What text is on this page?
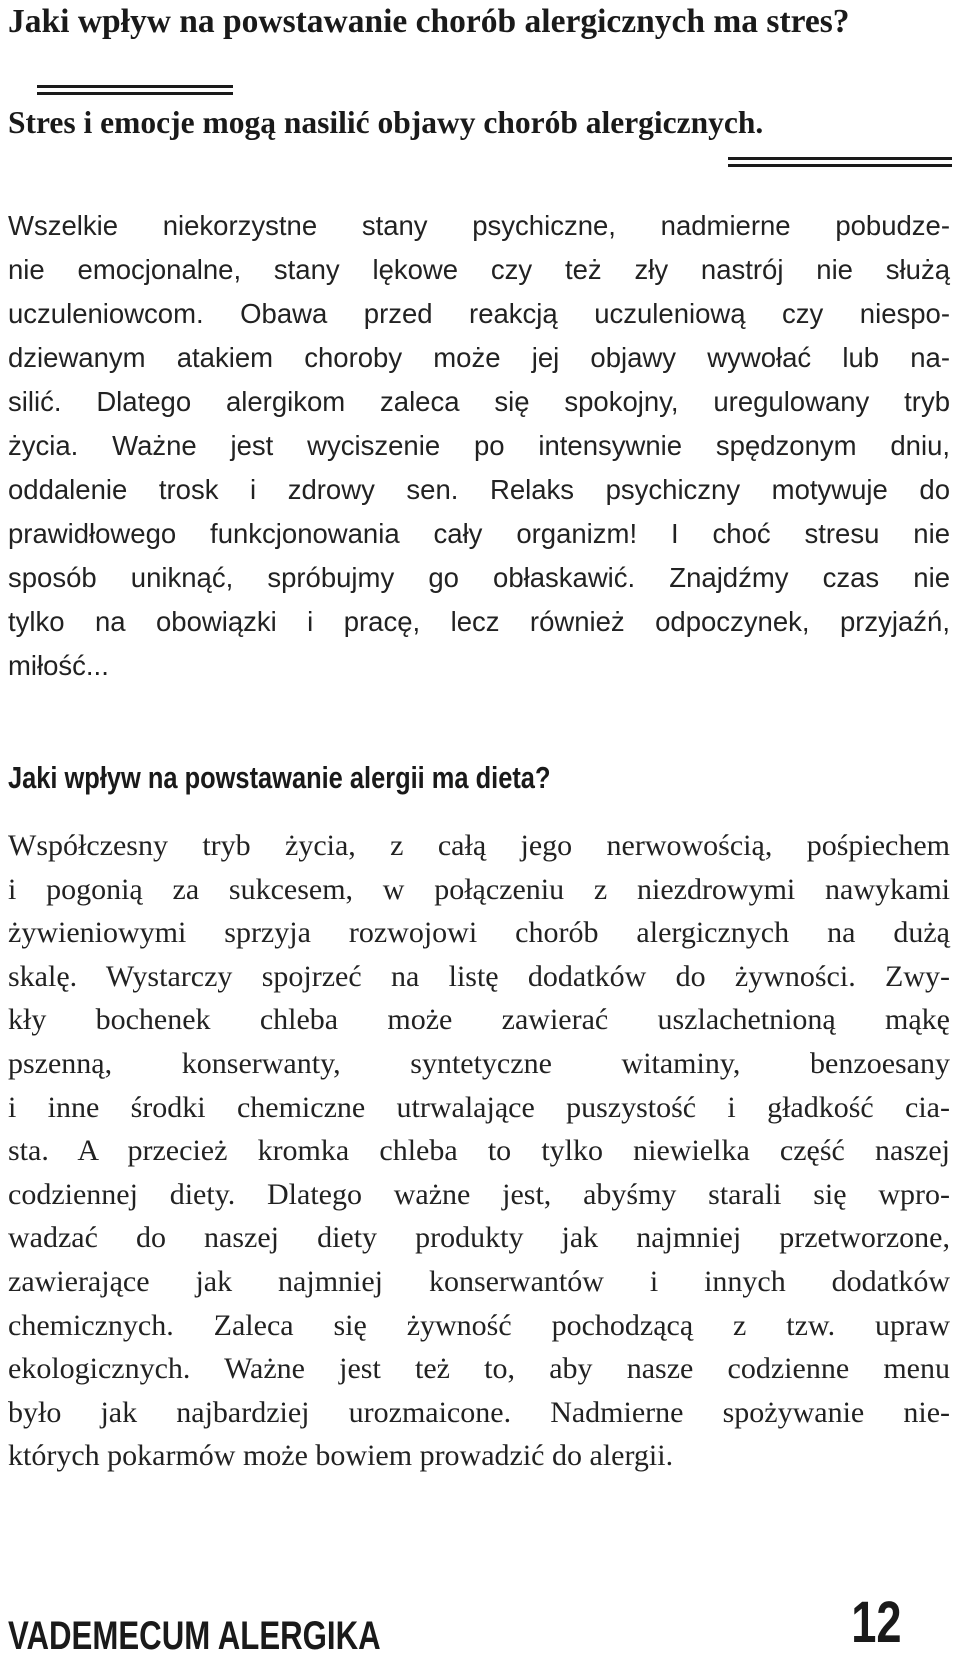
Jaki wpływ na powstawanie chorób alergicznych ma stres?

Stres i emocje mogą nasilić objawy chorób alergicznych.

Wszelkie niekorzystne stany psychiczne, nadmierne pobudze-
nie emocjonalne, stany lękowe czy też zły nastrój nie służą
uczuleniowcom. Obawa przed reakcją uczuleniową czy niespo-
dziewanym atakiem choroby może jej objawy wywołać lub na-
silić. Dlatego alergikom zaleca się spokojny, uregulowany tryb
życia. Ważne jest wyciszenie po intensywnie spędzonym dniu,
oddalenie trosk i zdrowy sen. Relaks psychiczny motywuje do
prawidłowego funkcjonowania cały organizm! I choć stresu nie
sposób uniknąć, spróbujmy go obłaskawić. Znajdźmy czas nie
tylko na obowiązki i pracę, lecz również odpoczynek, przyjaźń,
miłość...
Jaki wpływ na powstawanie alergii ma dieta?
Współczesny tryb życia, z całą jego nerwowością, pośpiechem
i pogonią za sukcesem, w połączeniu z niezdrowymi nawykami
żywieniowymi sprzyja rozwojowi chorób alergicznych na dużą
skalę. Wystarczy spojrzeć na listę dodatków do żywności. Zwy-
kły bochenek chleba może zawierać uszlachetnioną mąkę
pszenną, konserwanty, syntetyczne witaminy, benzoesany
i inne środki chemiczne utrwalające puszystość i gładkość cia-
sta. A przecież kromka chleba to tylko niewielka część naszej
codziennej diety. Dlatego ważne jest, abyśmy starali się wpro-
wadzać do naszej diety produkty jak najmniej przetworzone,
zawierające jak najmniej konserwantów i innych dodatków
chemicznych. Zaleca się żywność pochodzącą z tzw. upraw
ekologicznych. Ważne jest też to, aby nasze codzienne menu
było jak najbardziej urozmaicone. Nadmierne spożywanie nie-
których pokarmów może bowiem prowadzić do alergii.
VADEMECUM ALERGIKA	12
